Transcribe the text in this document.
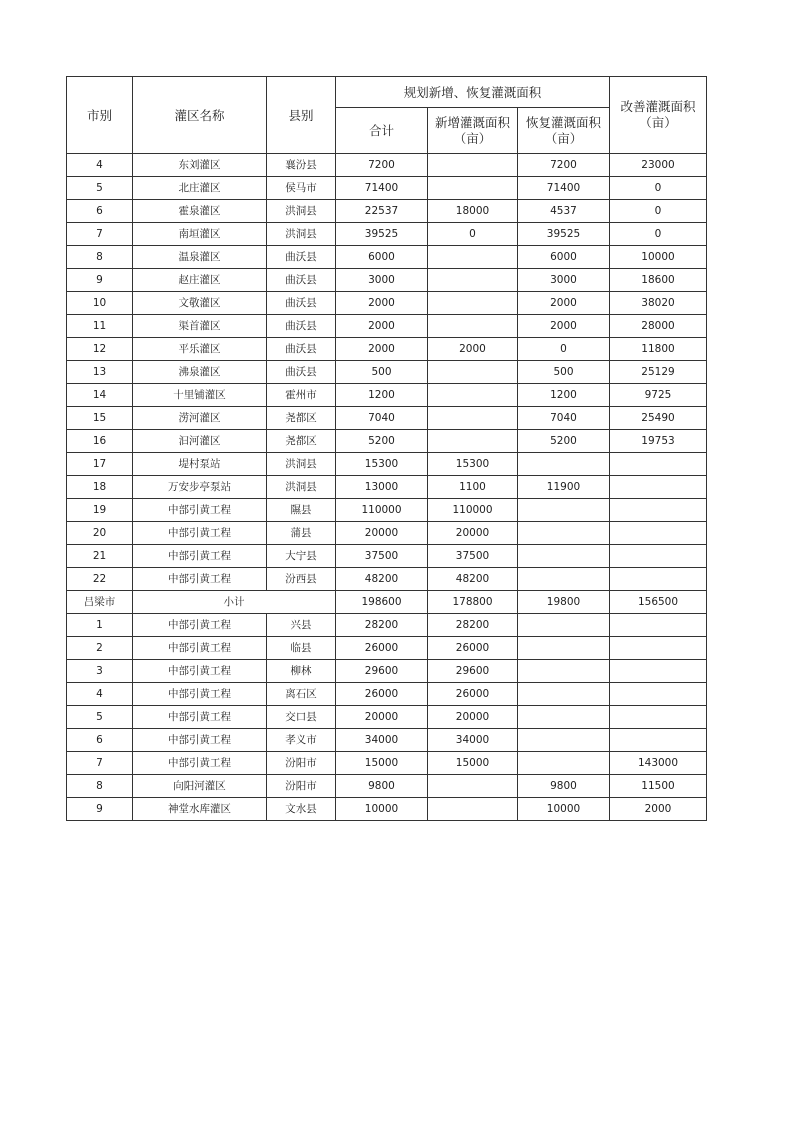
市别	灌区名称	县别	规划新增、恢复灌溉面积			改善灌溉面积（亩）
			合计	新增灌溉面积（亩）	恢复灌溉面积（亩）	
4	东刘灌区	襄汾县	7200		7200	23000
5	北庄灌区	侯马市	71400		71400	0
6	霍泉灌区	洪洞县	22537	18000	4537	0
7	南垣灌区	洪洞县	39525	0	39525	0
8	温泉灌区	曲沃县	6000		6000	10000
9	赵庄灌区	曲沃县	3000		3000	18600
10	文敬灌区	曲沃县	2000		2000	38020
11	渠首灌区	曲沃县	2000		2000	28000
12	平乐灌区	曲沃县	2000	2000	0	11800
13	沸泉灌区	曲沃县	500		500	25129
14	十里铺灌区	霍州市	1200		1200	9725
15	涝河灌区	尧都区	7040		7040	25490
16	汩河灌区	尧都区	5200		5200	19753
17	堤村泵站	洪洞县	15300	15300		
18	万安步亭泵站	洪洞县	13000	1100	11900	
19	中部引黄工程	隰县	110000	110000		
20	中部引黄工程	蒲县	20000	20000		
21	中部引黄工程	大宁县	37500	37500		
22	中部引黄工程	汾西县	48200	48200		
吕梁市	小计		198600	178800	19800	156500
1	中部引黄工程	兴县	28200	28200		
2	中部引黄工程	临县	26000	26000		
3	中部引黄工程	柳林	29600	29600		
4	中部引黄工程	离石区	26000	26000		
5	中部引黄工程	交口县	20000	20000		
6	中部引黄工程	孝义市	34000	34000		
7	中部引黄工程	汾阳市	15000	15000		143000
8	向阳河灌区	汾阳市	9800		9800	11500
9	神堂水库灌区	文水县	10000		10000	2000
